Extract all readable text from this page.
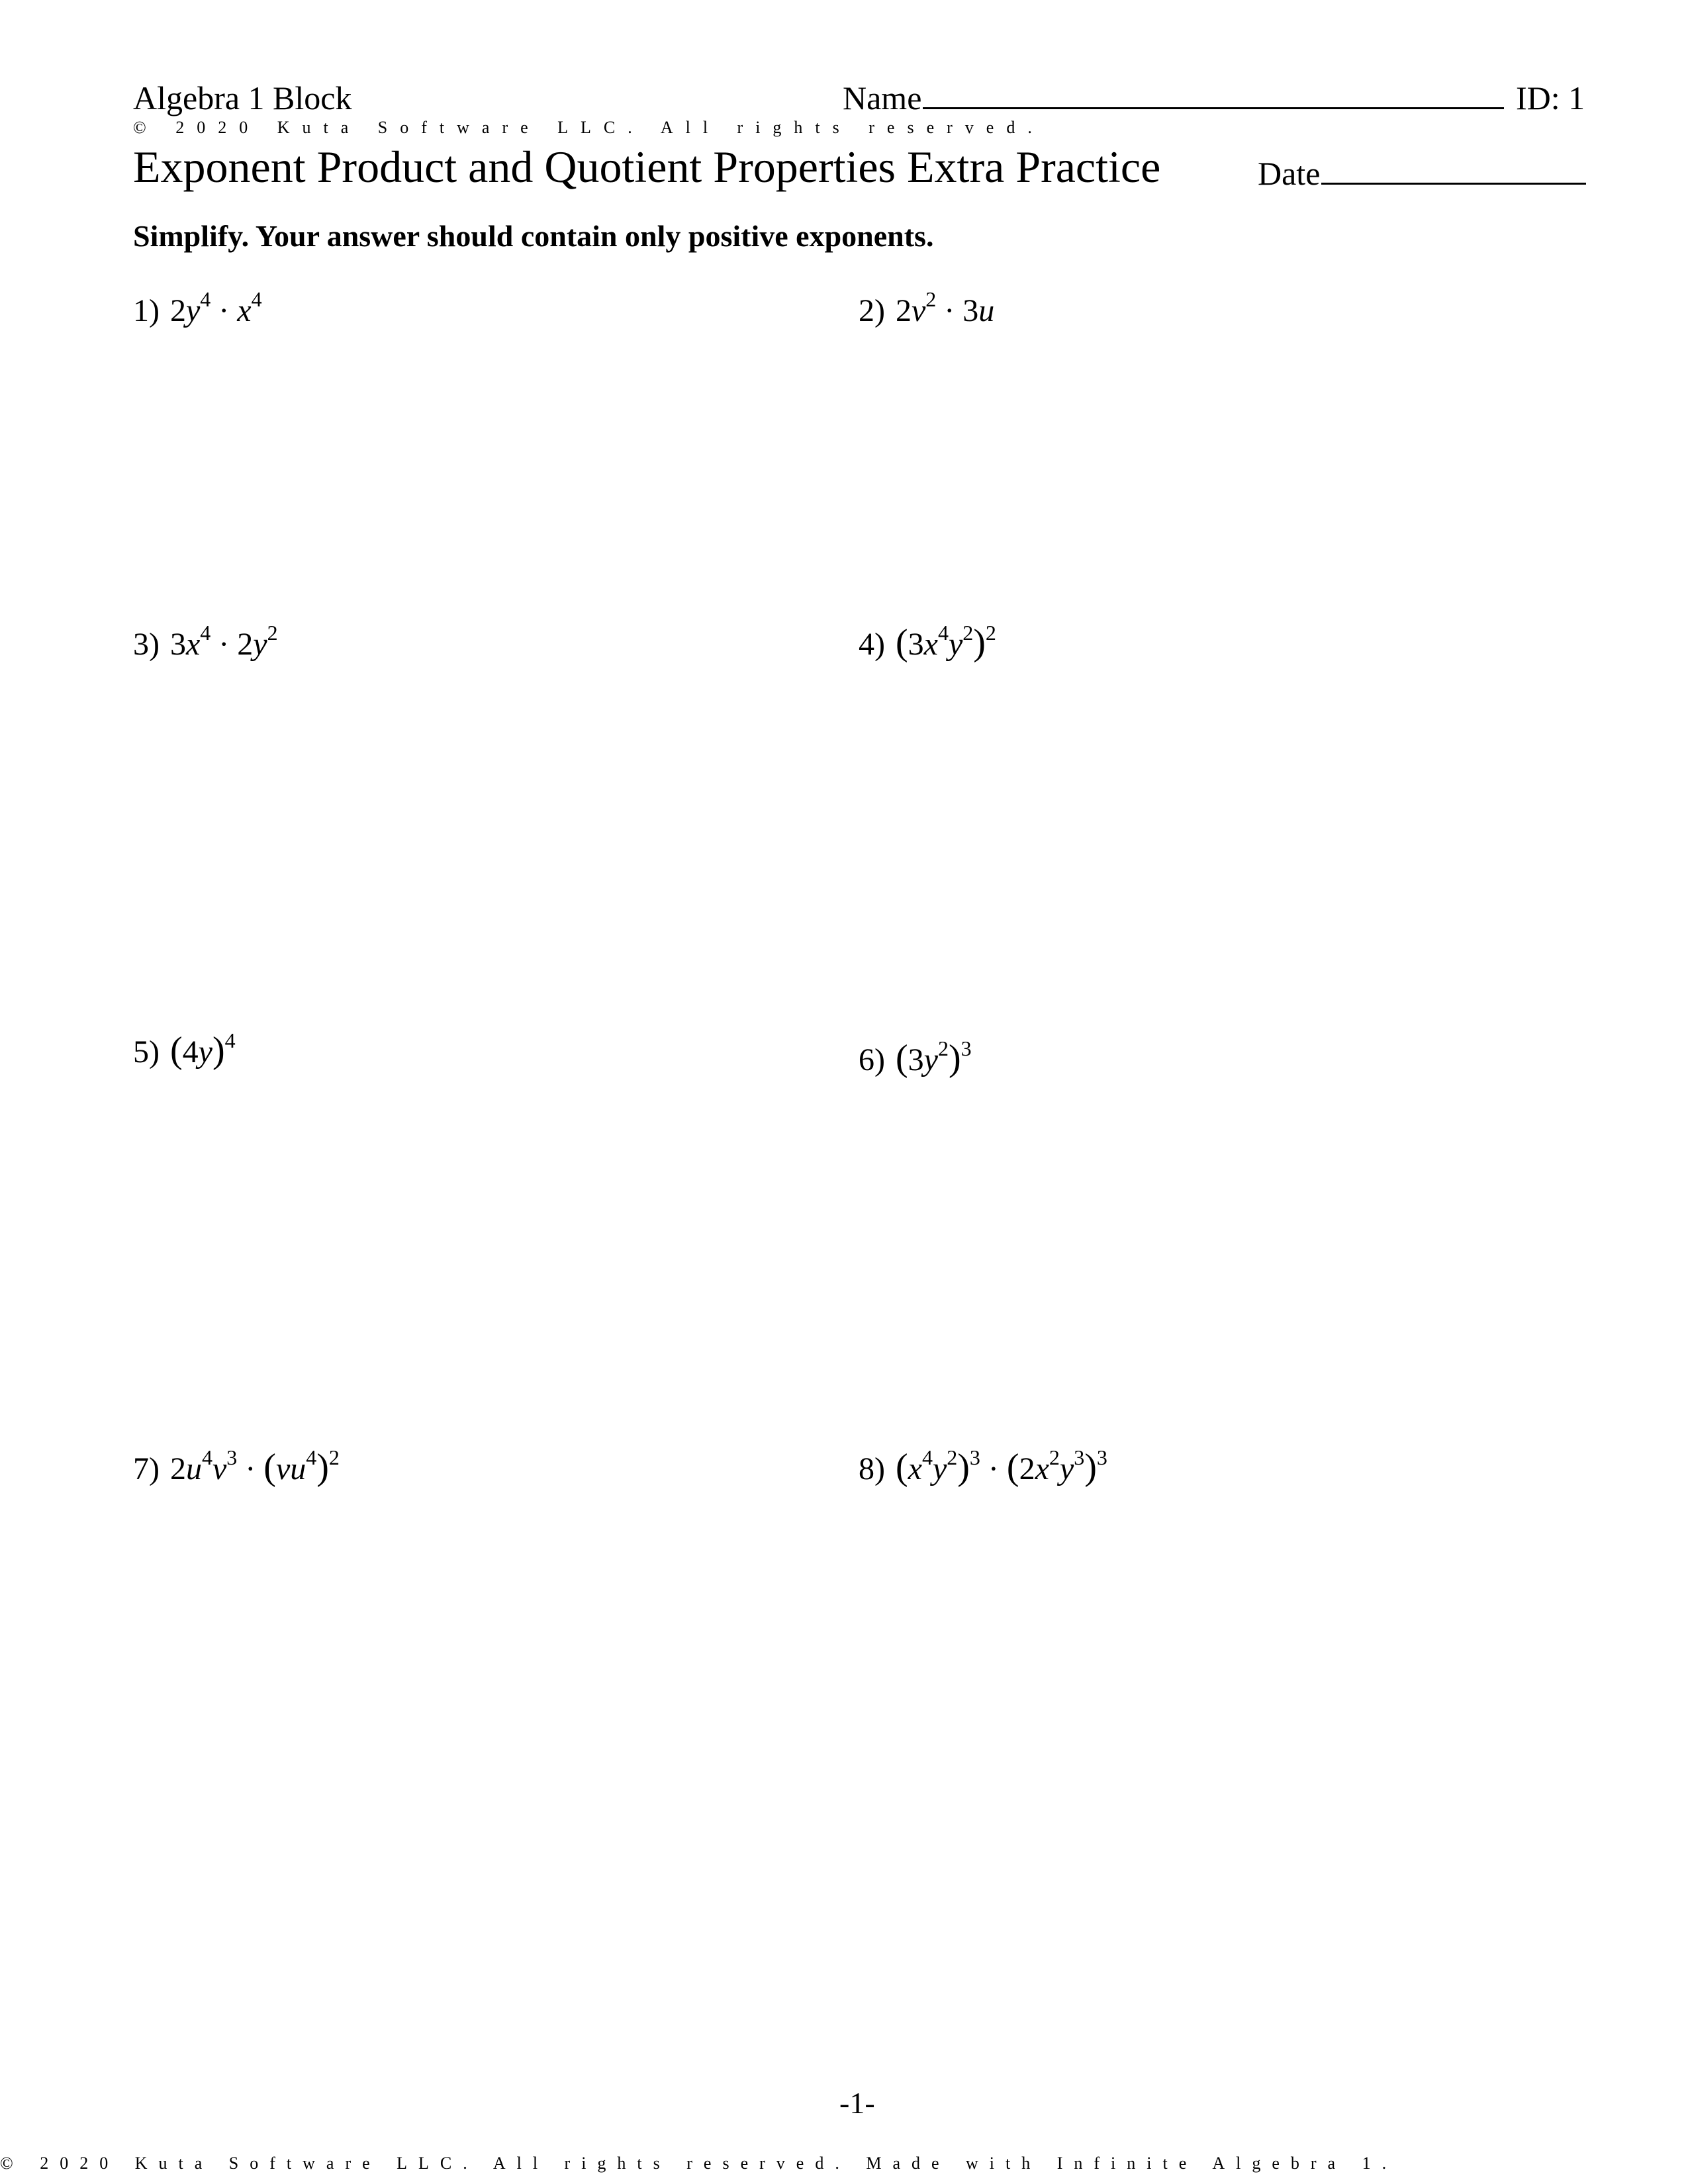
Algebra 1 Block	Name	ID: 1
© 2020 Kuta Software LLC. All rights reserved.
Exponent Product and Quotient Properties Extra Practice	Date
Simplify. Your answer should contain only positive exponents.
1) $2y^4 \cdot x^4$	2) $2v^2 \cdot 3u$
3) $3x^4 \cdot 2y^2$	4) $(3x^4y^2)^2$
5) $(4y)^4$
6) $(3y^2)^3$
7) $2u^4v^3 \cdot (vu^4)^2$	8) $(x^4y^2)^3 \cdot (2x^2y^3)^3$
-1-
© 2020 Kuta Software LLC. All rights reserved. Made with Infinite Algebra 1.
